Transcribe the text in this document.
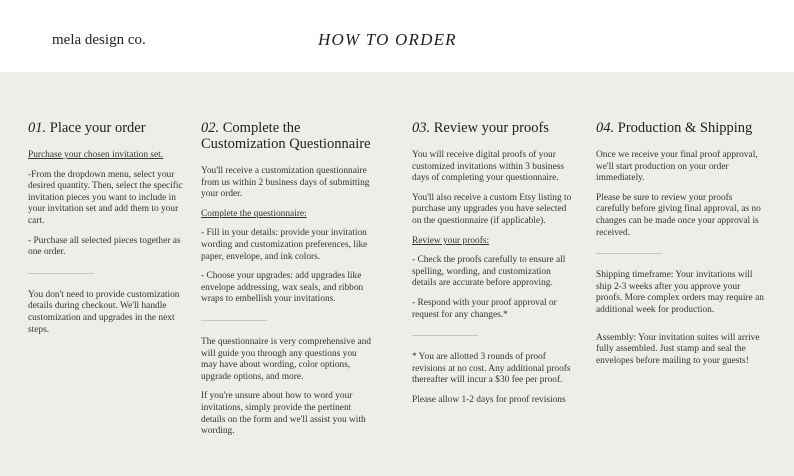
mela design co.	HOW TO ORDER
01. Place your order

Purchase your chosen invitation set.

-From the dropdown menu, select your desired quantity. Then, select the specific invitation pieces you want to include in your invitation set and add them to your cart.

- Purchase all selected pieces together as one order.

You don't need to provide customization details during checkout. We'll handle customization and upgrades in the next steps.

02. Complete the Customization Questionnaire

You'll receive a customization questionnaire from us within 2 business days of submitting your order.

Complete the questionnaire:

- Fill in your details: provide your invitation wording and customization preferences, like paper, envelope, and ink colors.

- Choose your upgrades: add upgrades like envelope addressing, wax seals, and ribbon wraps to embellish your invitations.

The questionnaire is very comprehensive and will guide you through any questions you may have about wording, color options, upgrade options, and more.

If you're unsure about how to word your invitations, simply provide the pertinent details on the form and we'll assist you with wording.

03. Review your proofs

You will receive digital proofs of your customized invitations within 3 business days of completing your questionnaire.

You'll also receive a custom Etsy listing to purchase any upgrades you have selected on the questionnaire (if applicable).

Review your proofs:

- Check the proofs carefully to ensure all spelling, wording, and customization details are accurate before approving.

- Respond with your proof approval or request for any changes.*

* You are allotted 3 rounds of proof revisions at no cost. Any additional proofs thereafter will incur a $30 fee per proof.

Please allow 1-2 days for proof revisions

04. Production & Shipping

Once we receive your final proof approval, we'll start production on your order immediately.

Please be sure to review your proofs carefully before giving final approval, as no changes can be made once your approval is received.

Shipping timeframe: Your invitations will ship 2-3 weeks after you approve your proofs. More complex orders may require an additional week for production.

Assembly: Your invitation suites will arrive fully assembled. Just stamp and seal the envelopes before mailing to your guests!
